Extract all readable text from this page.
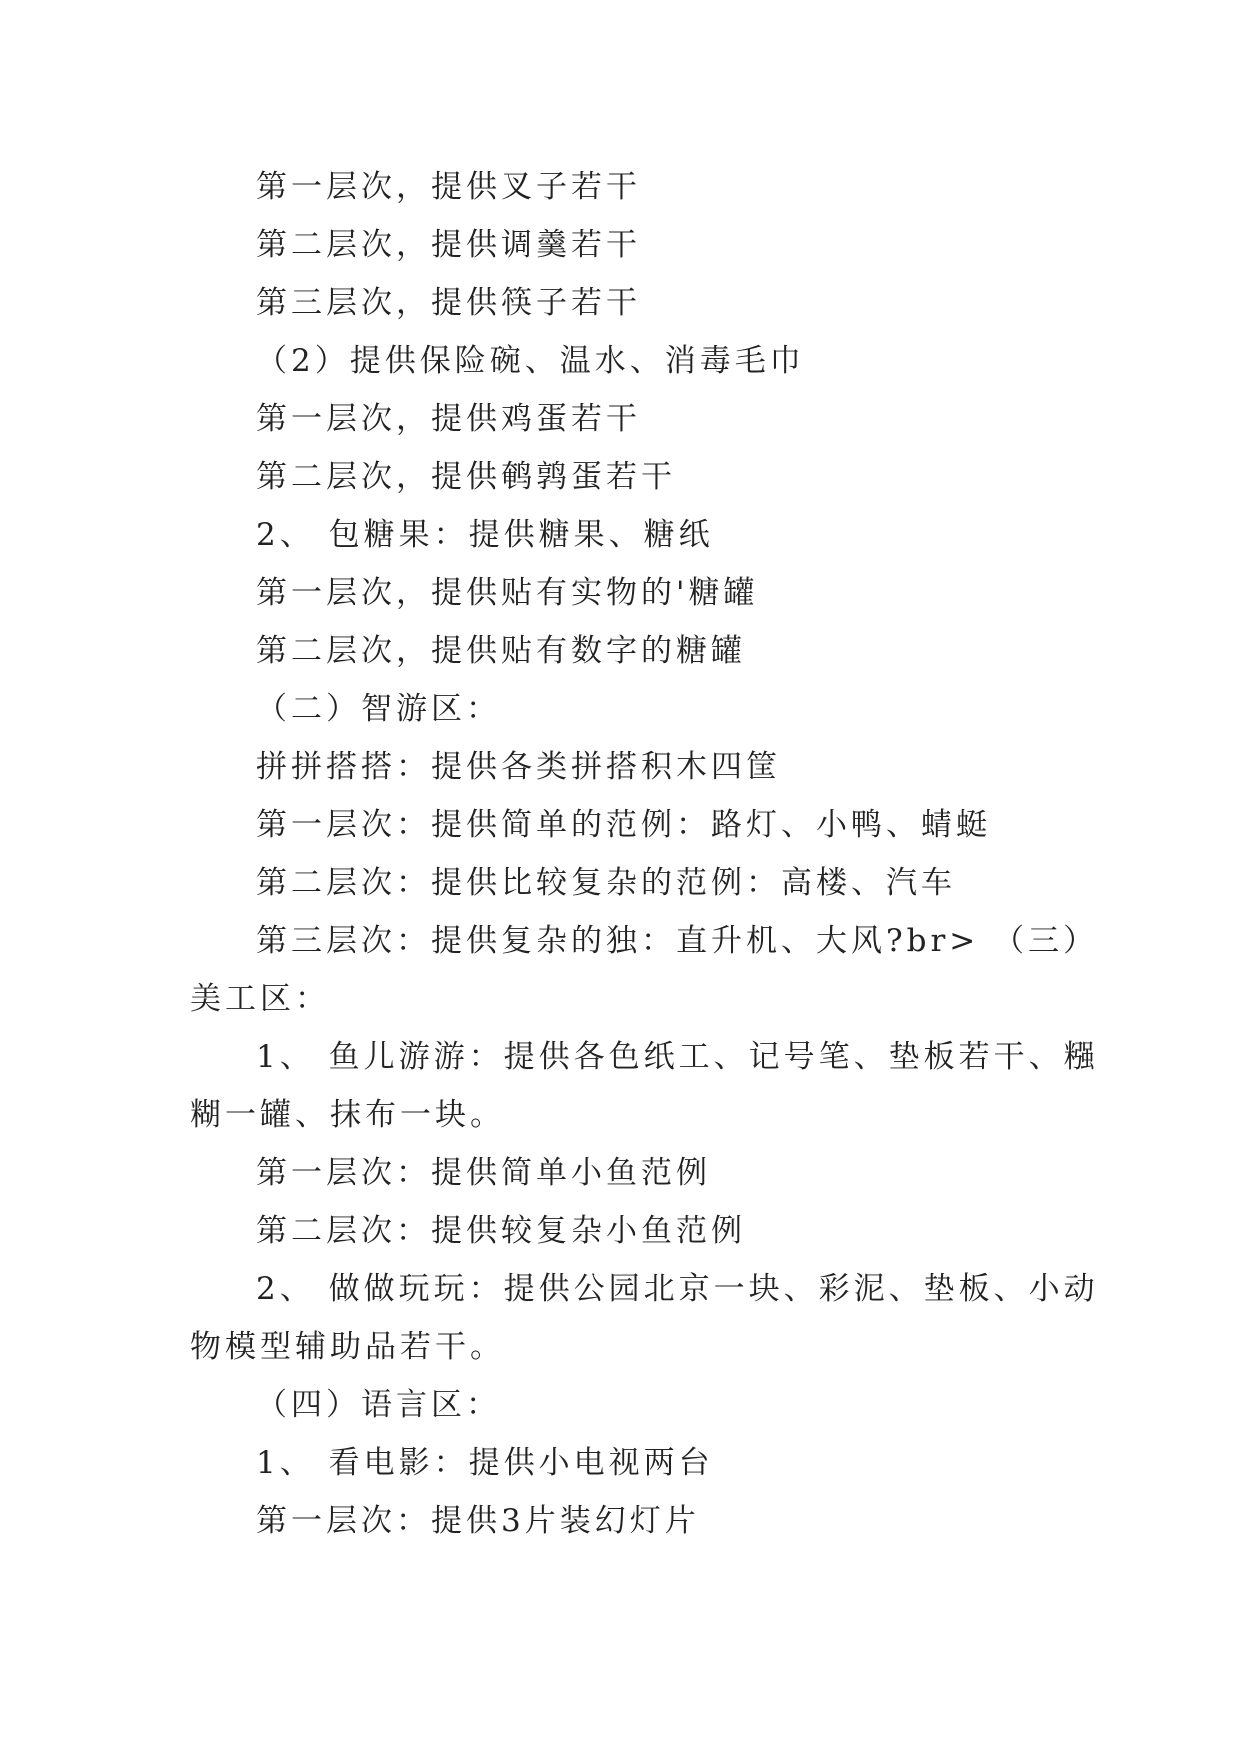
第一层次，提供叉子若干
第二层次，提供调羹若干
第三层次，提供筷子若干
（2）提供保险碗、温水、消毒毛巾
第一层次，提供鸡蛋若干
第二层次，提供鹌鹑蛋若干
2、 包糖果：提供糖果、糖纸
第一层次，提供贴有实物的'糖罐
第二层次，提供贴有数字的糖罐
（二）智游区：
拼拼搭搭：提供各类拼搭积木四筐
第一层次：提供简单的范例：路灯、小鸭、蜻蜓
第二层次：提供比较复杂的范例：高楼、汽车
第三层次：提供复杂的独：直升机、大风?br> （三）
美工区：
1、 鱼儿游游：提供各色纸工、记号笔、垫板若干、糨
糊一罐、抹布一块。
第一层次：提供简单小鱼范例
第二层次：提供较复杂小鱼范例
2、 做做玩玩：提供公园北京一块、彩泥、垫板、小动
物模型辅助品若干。
（四）语言区：
1、 看电影：提供小电视两台
第一层次：提供3片装幻灯片
